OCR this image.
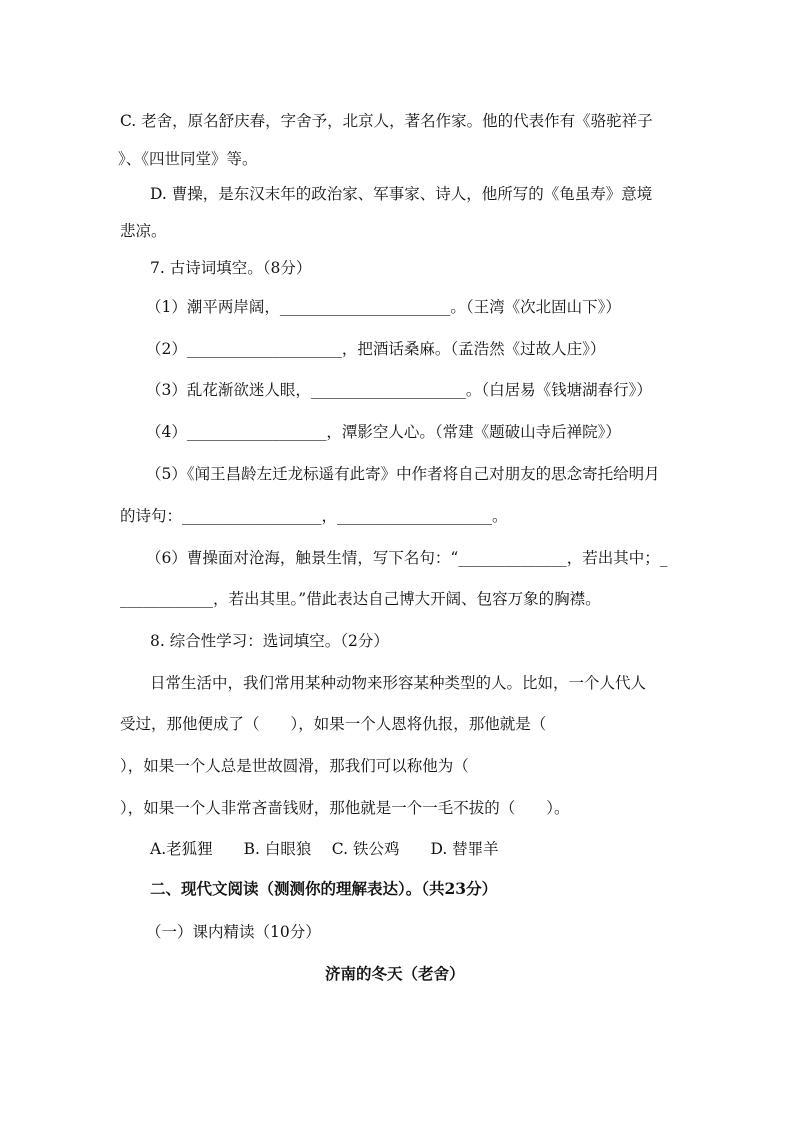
C. 老舍，原名舒庆春，字舍予，北京人，著名作家。他的代表作有《骆驼祥子
》、《四世同堂》等。
D. 曹操，是东汉末年的政治家、军事家、诗人，他所写的《龟虽寿》意境
悲凉。
7. 古诗词填空。（8分）
（1）潮平两岸阔，______________________。（王湾《次北固山下》）
（2）____________________，把酒话桑麻。（孟浩然《过故人庄》）
（3）乱花渐欲迷人眼，____________________。（白居易《钱塘湖春行》）
（4）__________________，潭影空人心。（常建《题破山寺后禅院》）
（5）《闻王昌龄左迁龙标遥有此寄》中作者将自己对朋友的思念寄托给明月
的诗句：__________________，____________________。
（6）曹操面对沧海，触景生情，写下名句：“______________，若出其中；_
____________，若出其里。”借此表达自己博大开阔、包容万象的胸襟。
8. 综合性学习：选词填空。（2分）
日常生活中，我们常用某种动物来形容某种类型的人。比如，一个人代人
受过，那他便成了（　　），如果一个人恩将仇报，那他就是（
），如果一个人总是世故圆滑，那我们可以称他为（
），如果一个人非常吝啬钱财，那他就是一个一毛不拔的（　　）。
A.老狐狸　　B. 白眼狼　 C. 铁公鸡　　D. 替罪羊
二、现代文阅读（测测你的理解表达）。（共23分）
（一）课内精读（10分）
济南的冬天（老舍）
